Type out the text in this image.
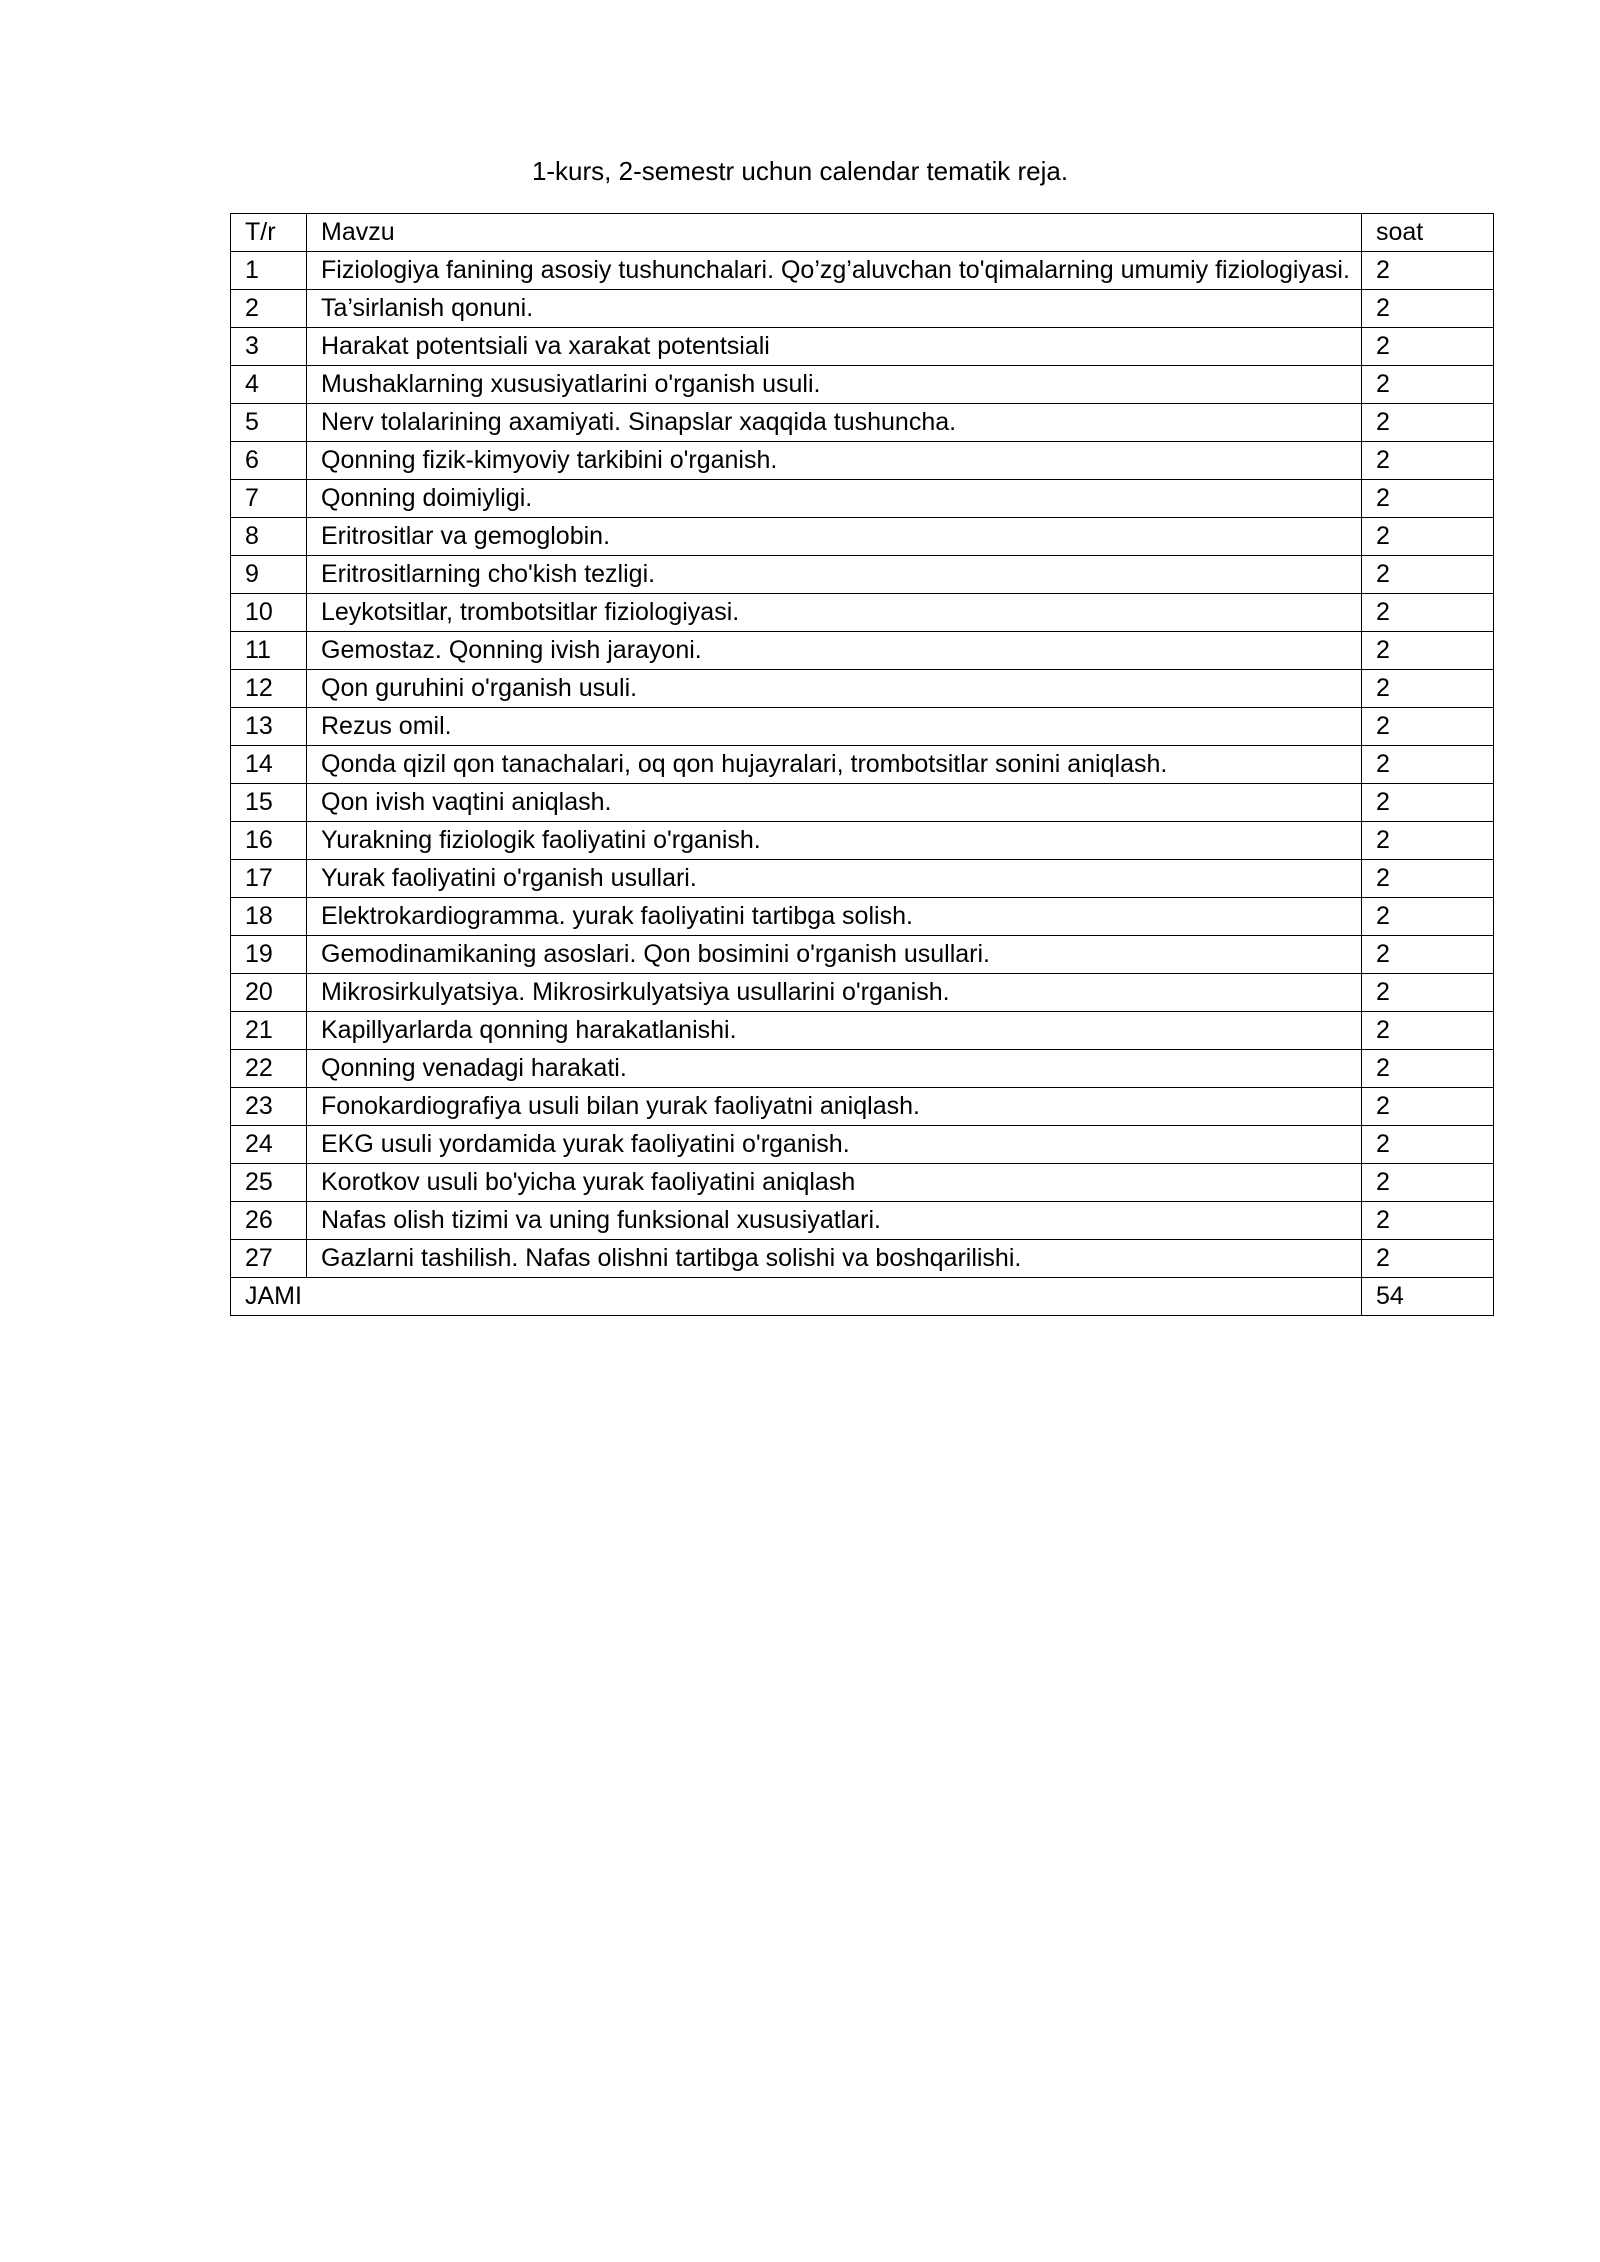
1-kurs, 2-semestr uchun calendar tematik reja.
T/r	Mavzu	soat
1	Fiziologiya fanining asosiy tushunchalari. Qo’zg’aluvchan to'qimalarning umumiy fiziologiyasi.	2
2	Ta’sirlanish qonuni.	2
3	Harakat potentsiali va xarakat potentsiali	2
4	Mushaklarning xususiyatlarini o'rganish usuli.	2
5	Nerv tolalarining axamiyati. Sinapslar xaqqida tushuncha.	2
6	Qonning fizik-kimyoviy tarkibini o'rganish.	2
7	Qonning doimiyligi.	2
8	Eritrositlar va gemoglobin.	2
9	Eritrositlarning cho'kish tezligi.	2
10	Leykotsitlar, trombotsitlar fiziologiyasi.	2
11	Gemostaz. Qonning ivish jarayoni.	2
12	Qon guruhini o'rganish usuli.	2
13	Rezus omil.	2
14	Qonda qizil qon tanachalari, oq qon hujayralari, trombotsitlar sonini aniqlash.	2
15	Qon ivish vaqtini aniqlash.	2
16	Yurakning fiziologik faoliyatini o'rganish.	2
17	Yurak faoliyatini o'rganish usullari.	2
18	Elektrokardiogramma. yurak faoliyatini tartibga solish.	2
19	Gemodinamikaning asoslari. Qon bosimini o'rganish usullari.	2
20	Mikrosirkulyatsiya. Mikrosirkulyatsiya usullarini o'rganish.	2
21	Kapillyarlarda qonning harakatlanishi.	2
22	Qonning venadagi harakati.	2
23	Fonokardiografiya usuli bilan yurak faoliyatni aniqlash.	2
24	EKG usuli yordamida yurak faoliyatini o'rganish.	2
25	Korotkov usuli bo'yicha yurak faoliyatini aniqlash	2
26	Nafas olish tizimi va uning funksional xususiyatlari.	2
27	Gazlarni tashilish. Nafas olishni tartibga solishi va boshqarilishi.	2
JAMI		54
